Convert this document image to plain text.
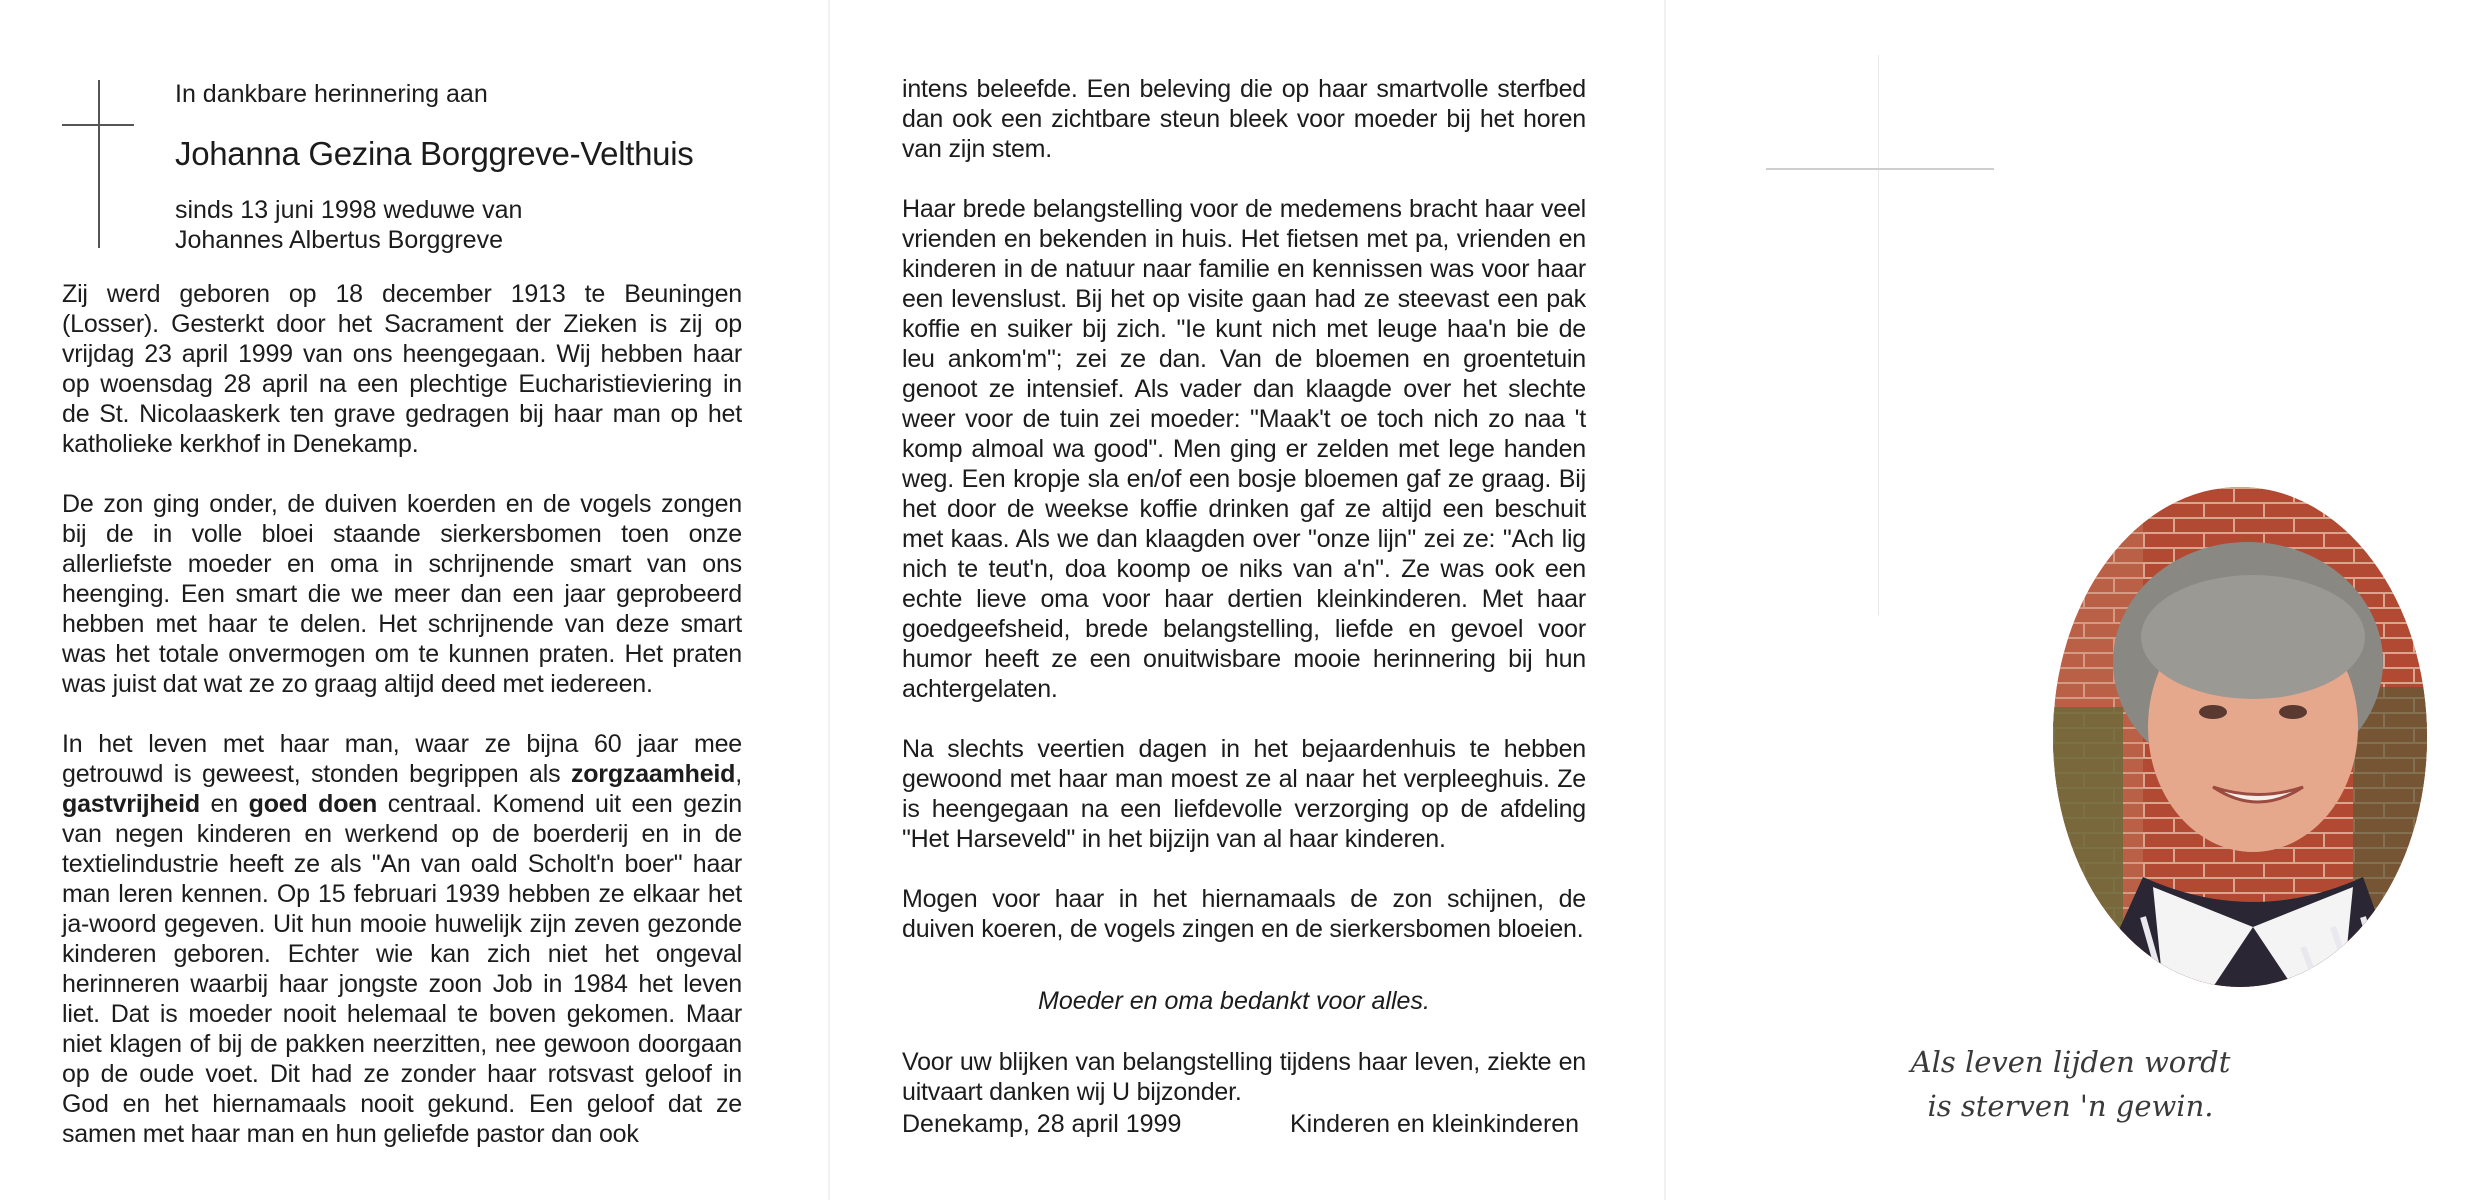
In dankbare herinnering aan
Johanna Gezina Borggreve-Velthuis
sinds 13 juni 1998 weduwe van
Johannes Albertus Borggreve

Zij werd geboren op 18 december 1913 te Beuningen (Losser). Gesterkt door het Sacrament der Zieken is zij op vrijdag 23 april 1999 van ons heengegaan. Wij hebben haar op woensdag 28 april na een plechtige Eucharistieviering in de St. Nicolaaskerk ten grave gedragen bij haar man op het katholieke kerkhof in Denekamp.

De zon ging onder, de duiven koerden en de vogels zongen bij de in volle bloei staande sierkersbomen toen onze allerliefste moeder en oma in schrijnende smart van ons heenging. Een smart die we meer dan een jaar geprobeerd hebben met haar te delen. Het schrijnende van deze smart was het totale onvermogen om te kunnen praten. Het praten was juist dat wat ze zo graag altijd deed met iedereen.

In het leven met haar man, waar ze bijna 60 jaar mee getrouwd is geweest, stonden begrippen als zorgzaamheid, gastvrijheid en goed doen centraal. Komend uit een gezin van negen kinderen en werkend op de boerderij en in de textielindustrie heeft ze als "An van oald Scholt'n boer" haar man leren kennen. Op 15 februari 1939 hebben ze elkaar het ja-woord gegeven. Uit hun mooie huwelijk zijn zeven gezonde kinderen geboren. Echter wie kan zich niet het ongeval herinneren waarbij haar jongste zoon Job in 1984 het leven liet. Dat is moeder nooit helemaal te boven gekomen. Maar niet klagen of bij de pakken neerzitten, nee gewoon doorgaan op de oude voet. Dit had ze zonder haar rotsvast geloof in God en het hiernamaals nooit gekund. Een geloof dat ze samen met haar man en hun geliefde pastor dan ook

intens beleefde. Een beleving die op haar smartvolle sterfbed dan ook een zichtbare steun bleek voor moeder bij het horen van zijn stem.

Haar brede belangstelling voor de medemens bracht haar veel vrienden en bekenden in huis. Het fietsen met pa, vrienden en kinderen in de natuur naar familie en kennissen was voor haar een levenslust. Bij het op visite gaan had ze steevast een pak koffie en suiker bij zich. "Ie kunt nich met leuge haa'n bie de leu ankom'm"; zei ze dan. Van de bloemen en groentetuin genoot ze intensief. Als vader dan klaagde over het slechte weer voor de tuin zei moeder: "Maak't oe toch nich zo naa 't komp almoal wa good". Men ging er zelden met lege handen weg. Een kropje sla en/of een bosje bloemen gaf ze graag. Bij het door de weekse koffie drinken gaf ze altijd een beschuit met kaas. Als we dan klaagden over "onze lijn" zei ze: "Ach lig nich te teut'n, doa koomp oe niks van a'n". Ze was ook een echte lieve oma voor haar dertien kleinkinderen. Met haar goedgeefsheid, brede belangstelling, liefde en gevoel voor humor heeft ze een onuitwisbare mooie herinnering bij hun achtergelaten.

Na slechts veertien dagen in het bejaardenhuis te hebben gewoond met haar man moest ze al naar het verpleeghuis. Ze is heengegaan na een liefdevolle verzorging op de afdeling "Het Harseveld" in het bijzijn van al haar kinderen.

Mogen voor haar in het hiernamaals de zon schijnen, de duiven koeren, de vogels zingen en de sierkersbomen bloeien.

Moeder en oma bedankt voor alles.
Voor uw blijken van belangstelling tijdens haar leven, ziekte en uitvaart danken wij U bijzonder.
Denekamp, 28 april 1999	Kinderen en kleinkinderen
Als leven lijden wordt
is sterven 'n gewin.
